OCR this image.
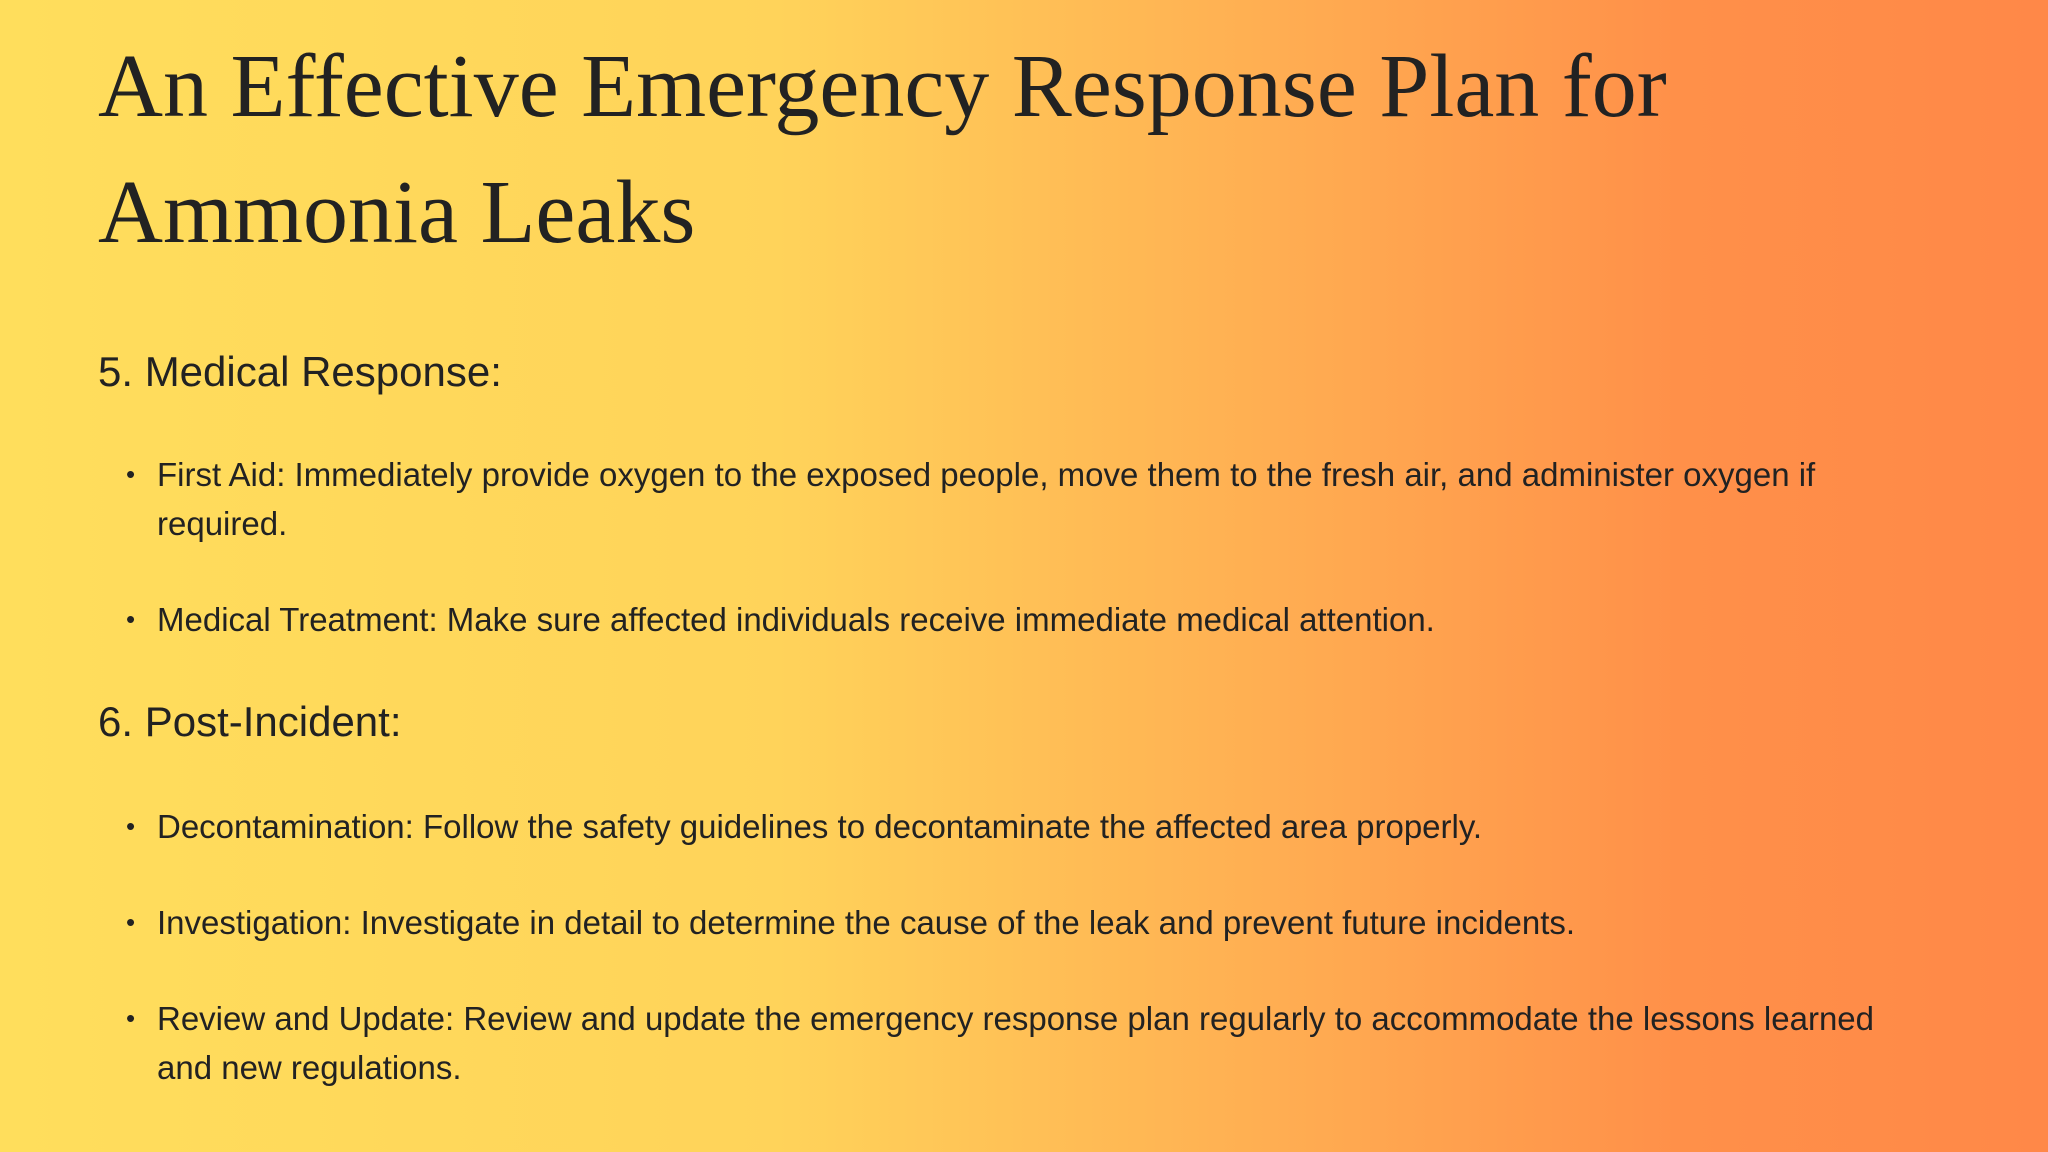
An Effective Emergency Response Plan for Ammonia Leaks
5. Medical Response:
• First Aid: Immediately provide oxygen to the exposed people, move them to the fresh air, and administer oxygen if required.
• Medical Treatment: Make sure affected individuals receive immediate medical attention.
6. Post-Incident:
• Decontamination: Follow the safety guidelines to decontaminate the affected area properly.
• Investigation: Investigate in detail to determine the cause of the leak and prevent future incidents.
• Review and Update: Review and update the emergency response plan regularly to accommodate the lessons learned and new regulations.
